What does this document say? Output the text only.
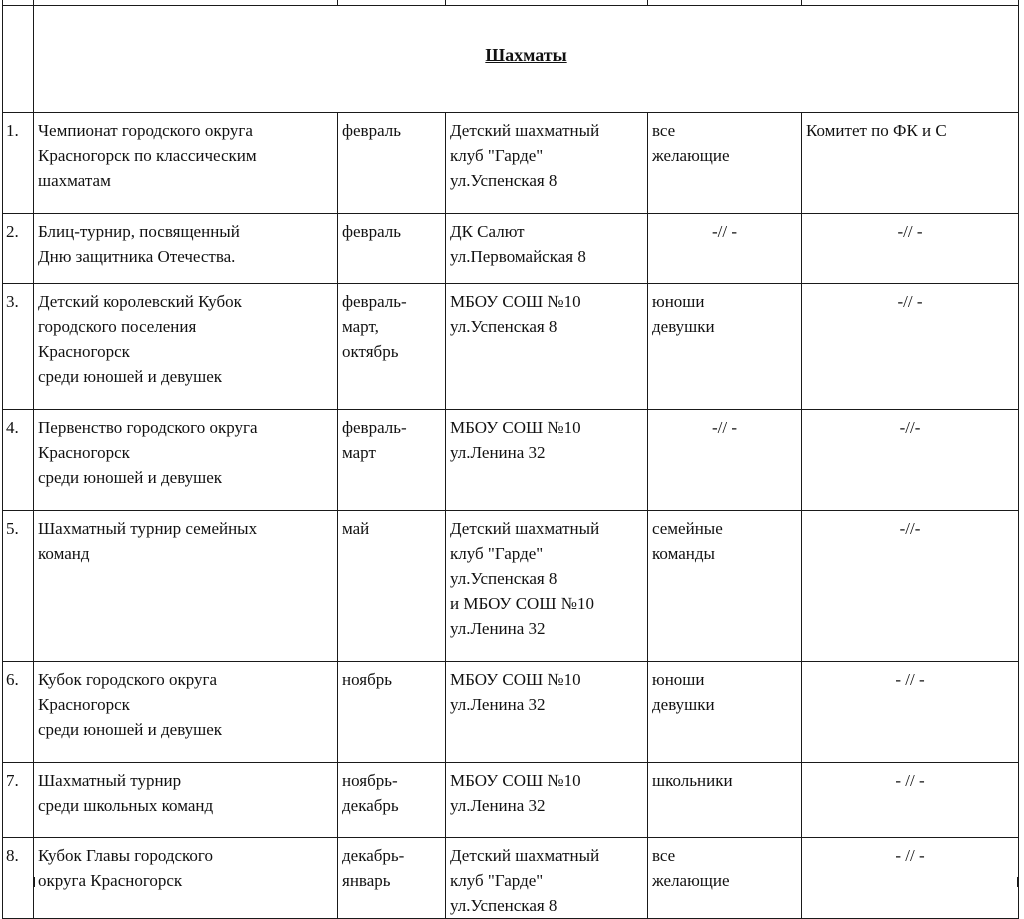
	Шахматы				

1.	Чемпионат городского округа
Красногорск по классическим
шахматам	февраль	Детский шахматный
клуб "Гарде"
ул.Успенская 8	все
желающие	Комитет по ФК и С

2.	Блиц-турнир, посвященный
Дню защитника Отечества.	февраль	ДК Салют
ул.Первомайская 8	-// -	-// -

3.	Детский королевский Кубок
городского поселения
Красногорск
среди юношей и девушек	февраль-
март,
октябрь	МБОУ СОШ №10
ул.Успенская 8	юноши
девушки	-// -

4.	Первенство городского округа
Красногорск
среди юношей и девушек	февраль-
март	МБОУ СОШ №10
ул.Ленина 32	-// -	-//-

5.	Шахматный турнир семейных
команд	май	Детский шахматный
клуб "Гарде"
ул.Успенская 8
и МБОУ СОШ №10
ул.Ленина 32	семейные
команды	-//-

6.	Кубок городского округа
Красногорск
среди юношей и девушек	ноябрь	МБОУ СОШ №10
ул.Ленина 32	юноши
девушки	- // -

7.	Шахматный турнир
среди школьных команд	ноябрь-
декабрь	МБОУ СОШ №10
ул.Ленина 32	школьники	- // -

8.	Кубок Главы городского
округа Красногорск	декабрь-
январь	Детский шахматный
клуб "Гарде"
ул.Успенская 8	все
желающие	- // -
